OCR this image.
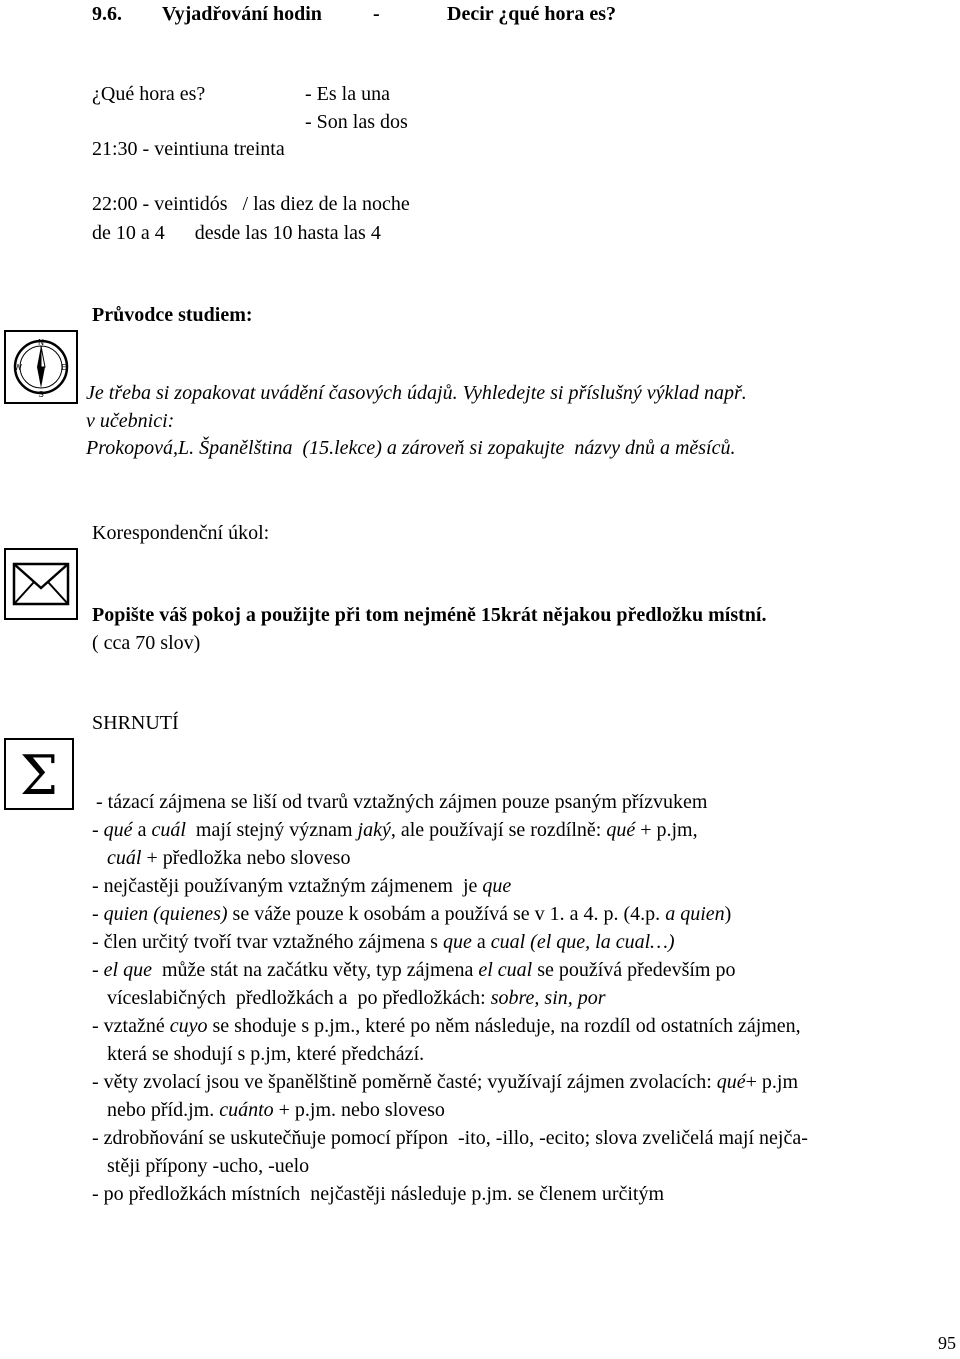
9.6. Vyjadřování hodin	-	Decir ¿qué hora es?
¿Qué hora es?	- Es la una
- Son las dos
21:30 - veintiuna treinta
22:00 - veintidós   / las diez de la noche
de 10 a 4      desde las 10 hasta las 4
Průvodce studiem:
N
S
W	E
Je třeba si zopakovat uvádění časových údajů. Vyhledejte si příslušný výklad např.
v učebnici:
Prokopová,L. Španělština  (15.lekce) a zároveň si zopakujte  názvy dnů a měsíců.
Korespondenční úkol:
Popište váš pokoj a použijte při tom nejméně 15krát nějakou předložku místní.
( cca 70 slov)
SHRNUTÍ
Σ - tázací zájmena se liší od tvarů vztažných zájmen pouze psaným přízvukem
- qué a cuál  mají stejný význam jaký, ale používají se rozdílně: qué + p.jm,
cuál + předložka nebo sloveso
- nejčastěji používaným vztažným zájmenem  je que
- quien (quienes) se váže pouze k osobám a používá se v 1. a 4. p. (4.p. a quien)
- člen určitý tvoří tvar vztažného zájmena s que a cual (el que, la cual…)
- el que  může stát na začátku věty, typ zájmena el cual se používá především po
víceslabičných  předložkách a  po předložkách: sobre, sin, por
- vztažné cuyo se shoduje s p.jm., které po něm následuje, na rozdíl od ostatních zájmen,
která se shodují s p.jm, které předchází.
- věty zvolací jsou ve španělštině poměrně časté; využívají zájmen zvolacích: qué+ p.jm
nebo příd.jm. cuánto + p.jm. nebo sloveso
- zdrobňování se uskutečňuje pomocí přípon  -ito, -illo, -ecito; slova zveličelá mají nejča-
stěji přípony -ucho, -uelo
- po předložkách místních  nejčastěji následuje p.jm. se členem určitým
95
